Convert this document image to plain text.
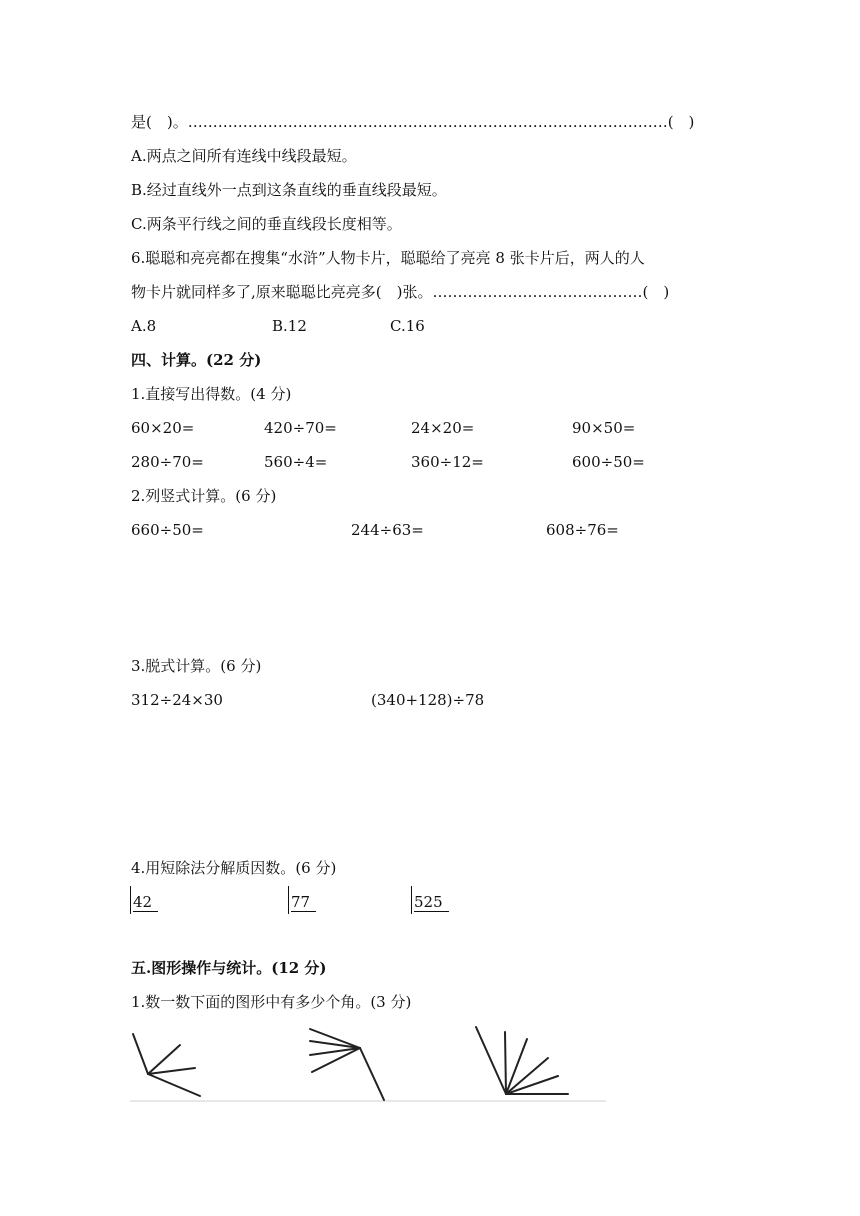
是(　)。……………………………………………………………………………………(　)
A.两点之间所有连线中线段最短。
B.经过直线外一点到这条直线的垂直线段最短。
C.两条平行线之间的垂直线段长度相等。
6.聪聪和亮亮都在搜集“水浒”人物卡片，聪聪给了亮亮 8 张卡片后，两人的人
物卡片就同样多了,原来聪聪比亮亮多(　)张。……………………………………(　)
A.8	B.12	C.16
四、计算。(22 分)
1.直接写出得数。(4 分)
60×20=	420÷70=	24×20=	90×50=
280÷70=	560÷4=	360÷12=	600÷50=
2.列竖式计算。(6 分)
660÷50=	244÷63=	608÷76=
3.脱式计算。(6 分)
312÷24×30	(340+128)÷78
4.用短除法分解质因数。(6 分)
42	77	525
五.图形操作与统计。(12 分)
1.数一数下面的图形中有多少个角。(3 分)
